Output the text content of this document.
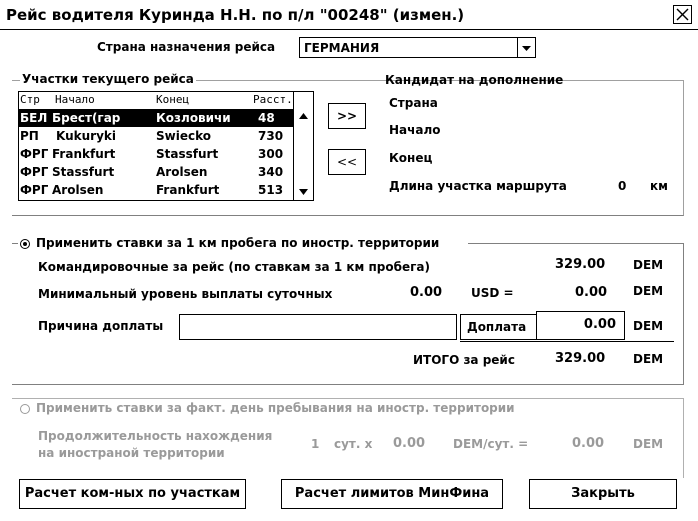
Рейс водителя Куриндa Н.Н. по п/л "00248" (измен.)
Страна назначения рейса ГЕРМАНИЯ
Участки текущего рейса
Стр Начало	Конец	Расст.
БЕЛ Брест(гар	Козловичи 48
РП Kukuryki	Swiecko	730
ФРГ Frankfurt	Stassfurt	300
ФРГ Stassfurt	Arolsen	340
ФРГ Arolsen	Frankfurt	513
>>
<<
Кандидат на дополнение
Страна
Начало
Конец
Длина участка маршрута	0 км
Применить ставки за 1 км пробега по иностр. территории
Командировочные за рейс (по ставкам за 1 км пробега)	329.00 DEM
Минимальный уровень выплаты суточных	0.00 USD =	0.00 DEM
Причина доплаты	Доплата	0.00 DEM
ИТОГО за рейс	329.00 DEM
Применить ставки за факт. день пребывания на иностр. территории
Продолжительность нахождения
на иностраной территории
1 сут. x 0.00 DEM/сут. =	0.00 DEM
Расчет ком-ных по участкам	Расчет лимитов МинФина	Закрыть
